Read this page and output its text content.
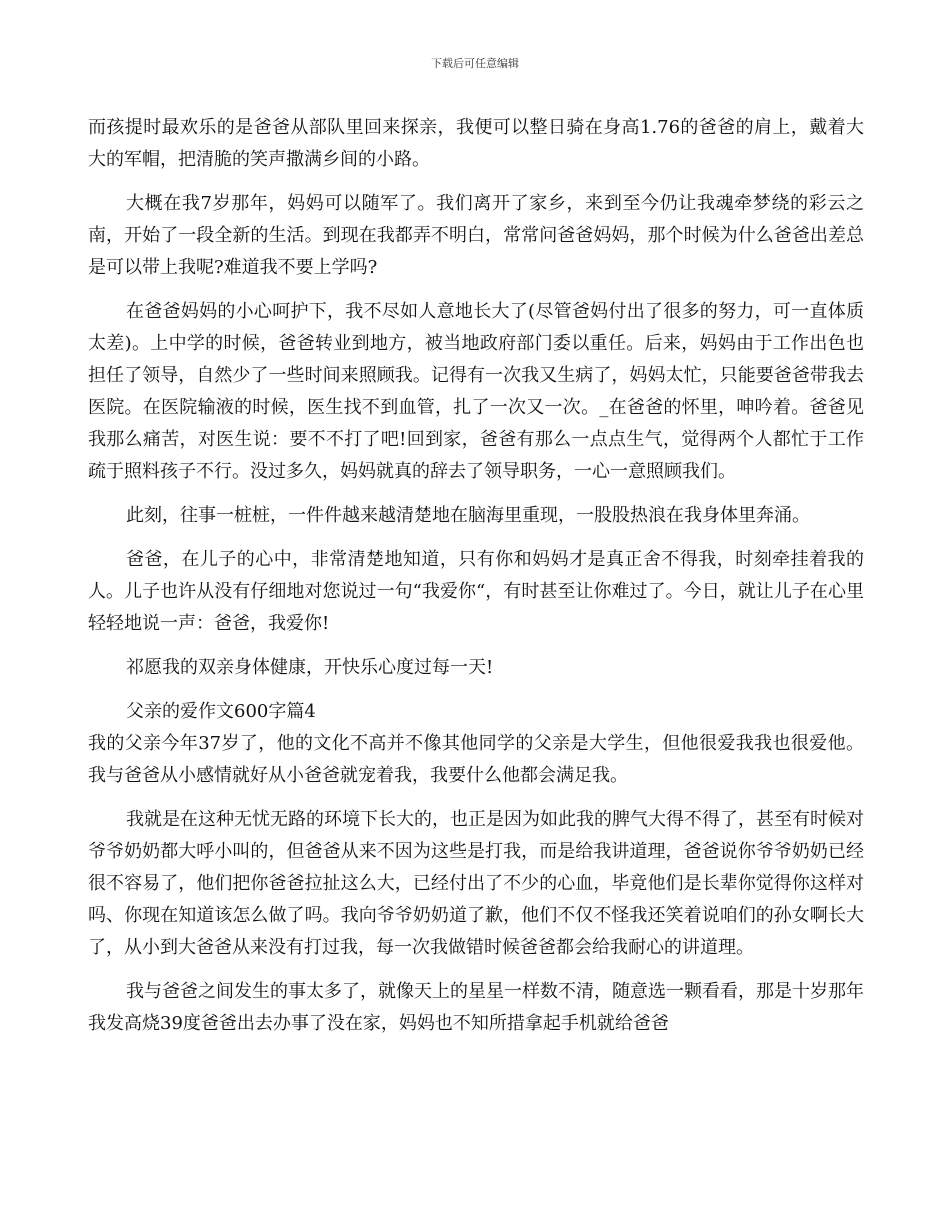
下载后可任意编辑

而孩提时最欢乐的是爸爸从部队里回来探亲，我便可以整日骑在身高1.76的爸爸的肩上，戴着大大的军帽，把清脆的笑声撒满乡间的小路。

大概在我7岁那年，妈妈可以随军了。我们离开了家乡，来到至今仍让我魂牵梦绕的彩云之南，开始了一段全新的生活。到现在我都弄不明白，常常问爸爸妈妈，那个时候为什么爸爸出差总是可以带上我呢?难道我不要上学吗?

在爸爸妈妈的小心呵护下，我不尽如人意地长大了(尽管爸妈付出了很多的努力，可一直体质太差)。上中学的时候，爸爸转业到地方，被当地政府部门委以重任。后来，妈妈由于工作出色也担任了领导，自然少了一些时间来照顾我。记得有一次我又生病了，妈妈太忙，只能要爸爸带我去医院。在医院输液的时候，医生找不到血管，扎了一次又一次。_在爸爸的怀里，呻吟着。爸爸见我那么痛苦，对医生说：要不不打了吧!回到家，爸爸有那么一点点生气，觉得两个人都忙于工作疏于照料孩子不行。没过多久，妈妈就真的辞去了领导职务，一心一意照顾我们。

此刻，往事一桩桩，一件件越来越清楚地在脑海里重现，一股股热浪在我身体里奔涌。

爸爸，在儿子的心中，非常清楚地知道，只有你和妈妈才是真正舍不得我，时刻牵挂着我的人。儿子也许从没有仔细地对您说过一句“我爱你“，有时甚至让你难过了。今日，就让儿子在心里轻轻地说一声：爸爸，我爱你!

祁愿我的双亲身体健康，开快乐心度过每一天!

父亲的爱作文600字篇4

我的父亲今年37岁了，他的文化不高并不像其他同学的父亲是大学生，但他很爱我我也很爱他。我与爸爸从小感情就好从小爸爸就宠着我，我要什么他都会满足我。

我就是在这种无忧无路的环境下长大的，也正是因为如此我的脾气大得不得了，甚至有时候对爷爷奶奶都大呼小叫的，但爸爸从来不因为这些是打我，而是给我讲道理，爸爸说你爷爷奶奶已经很不容易了，他们把你爸爸拉扯这么大，已经付出了不少的心血，毕竟他们是长辈你觉得你这样对吗、你现在知道该怎么做了吗。我向爷爷奶奶道了歉，他们不仅不怪我还笑着说咱们的孙女啊长大了，从小到大爸爸从来没有打过我，每一次我做错时候爸爸都会给我耐心的讲道理。

我与爸爸之间发生的事太多了，就像天上的星星一样数不清，随意选一颗看看，那是十岁那年我发高烧39度爸爸出去办事了没在家，妈妈也不知所措拿起手机就给爸爸
